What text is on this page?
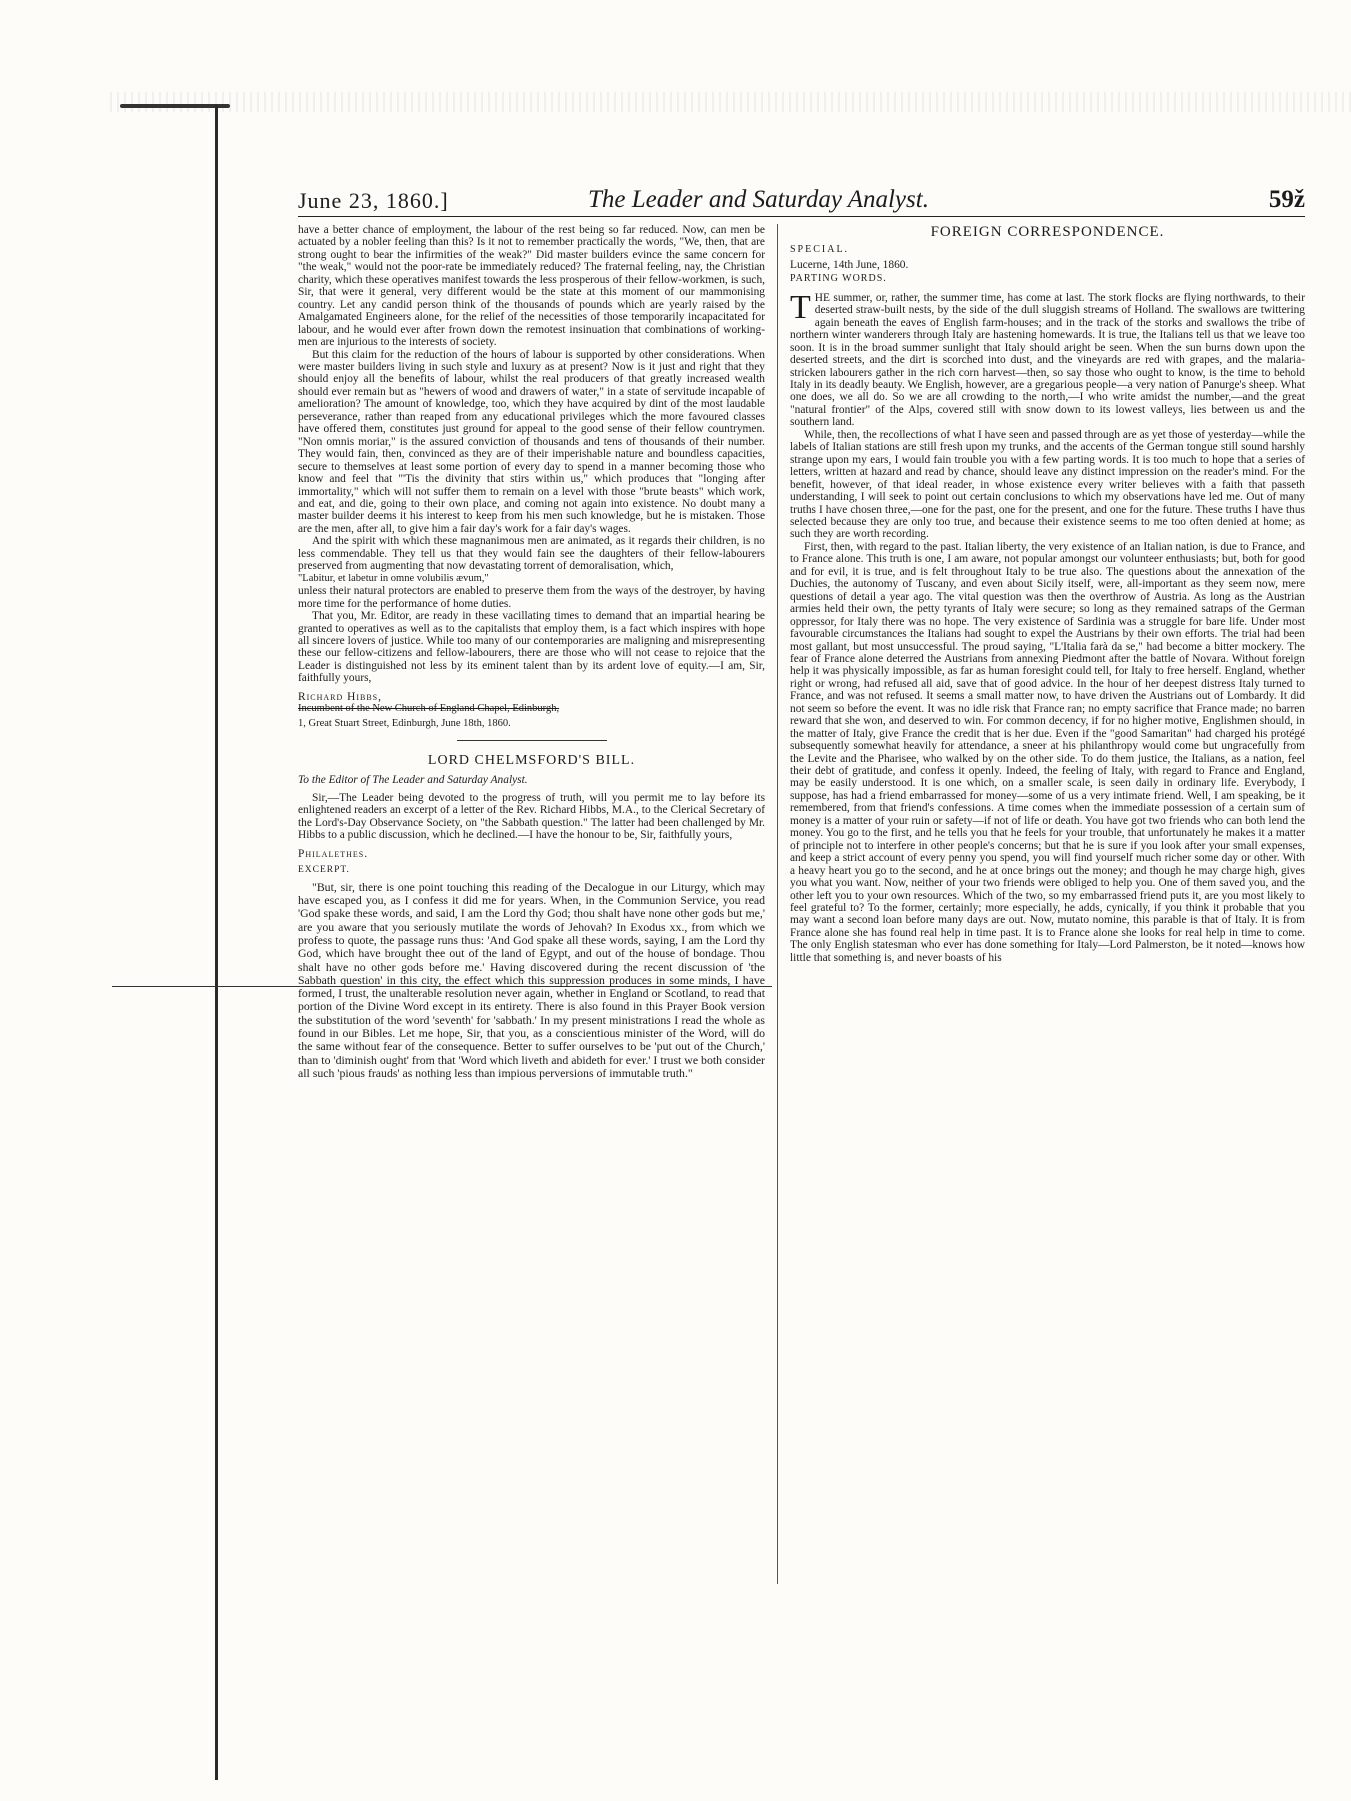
June 23, 1860.]	The Leader and Saturday Analyst.	59ž

have a better chance of employment, the labour of the rest being so far reduced. Now, can men be actuated by a nobler feeling than this? Is it not to remember practically the words, "We, then, that are strong ought to bear the infirmities of the weak?" Did master builders evince the same concern for "the weak," would not the poor-rate be immediately reduced? The fraternal feeling, nay, the Christian charity, which these operatives manifest towards the less prosperous of their fellow-workmen, is such, Sir, that were it general, very different would be the state at this moment of our mammonising country. Let any candid person think of the thousands of pounds which are yearly raised by the Amalgamated Engineers alone, for the relief of the necessities of those temporarily incapacitated for labour, and he would ever after frown down the remotest insinuation that combinations of working-men are injurious to the interests of society.

But this claim for the reduction of the hours of labour is supported by other considerations. When were master builders living in such style and luxury as at present? Now is it just and right that they should enjoy all the benefits of labour, whilst the real producers of that greatly increased wealth should ever remain but as "hewers of wood and drawers of water," in a state of servitude incapable of amelioration? The amount of knowledge, too, which they have acquired by dint of the most laudable perseverance, rather than reaped from any educational privileges which the more favoured classes have offered them, constitutes just ground for appeal to the good sense of their fellow countrymen. "Non omnis moriar," is the assured conviction of thousands and tens of thousands of their number. They would fain, then, convinced as they are of their imperishable nature and boundless capacities, secure to themselves at least some portion of every day to spend in a manner becoming those who know and feel that "'Tis the divinity that stirs within us," which produces that "longing after immortality," which will not suffer them to remain on a level with those "brute beasts" which work, and eat, and die, going to their own place, and coming not again into existence. No doubt many a master builder deems it his interest to keep from his men such knowledge, but he is mistaken. Those are the men, after all, to give him a fair day's work for a fair day's wages.

And the spirit with which these magnanimous men are animated, as it regards their children, is no less commendable. They tell us that they would fain see the daughters of their fellow-labourers preserved from augmenting that now devastating torrent of demoralisation, which,

"Labitur, et labetur in omne volubilis ævum,"

unless their natural protectors are enabled to preserve them from the ways of the destroyer, by having more time for the performance of home duties.

That you, Mr. Editor, are ready in these vacillating times to demand that an impartial hearing be granted to operatives as well as to the capitalists that employ them, is a fact which inspires with hope all sincere lovers of justice. While too many of our contemporaries are maligning and misrepresenting these our fellow-citizens and fellow-labourers, there are those who will not cease to rejoice that the Leader is distinguished not less by its eminent talent than by its ardent love of equity.—I am, Sir, faithfully yours,

Richard Hibbs,

Incumbent of the New Church of England Chapel, Edinburgh,

1, Great Stuart Street, Edinburgh, June 18th, 1860.

LORD CHELMSFORD'S BILL.

To the Editor of The Leader and Saturday Analyst.

Sir,—The Leader being devoted to the progress of truth, will you permit me to lay before its enlightened readers an excerpt of a letter of the Rev. Richard Hibbs, M.A., to the Clerical Secretary of the Lord's-Day Observance Society, on "the Sabbath question." The latter had been challenged by Mr. Hibbs to a public discussion, which he declined.—I have the honour to be, Sir, faithfully yours,

Philalethes.

EXCERPT.

"But, sir, there is one point touching this reading of the Decalogue in our Liturgy, which may have escaped you, as I confess it did me for years. When, in the Communion Service, you read 'God spake these words, and said, I am the Lord thy God; thou shalt have none other gods but me,' are you aware that you seriously mutilate the words of Jehovah? In Exodus xx., from which we profess to quote, the passage runs thus: 'And God spake all these words, saying, I am the Lord thy God, which have brought thee out of the land of Egypt, and out of the house of bondage. Thou shalt have no other gods before me.' Having discovered during the recent discussion of 'the Sabbath question' in this city, the effect which this suppression produces in some minds, I have formed, I trust, the unalterable resolution never again, whether in England or Scotland, to read that portion of the Divine Word except in its entirety. There is also found in this Prayer Book version the substitution of the word 'seventh' for 'sabbath.' In my present ministrations I read the whole as found in our Bibles. Let me hope, Sir, that you, as a conscientious minister of the Word, will do the same without fear of the consequence. Better to suffer ourselves to be 'put out of the Church,' than to 'diminish ought' from that 'Word which liveth and abideth for ever.' I trust we both consider all such 'pious frauds' as nothing less than impious perversions of immutable truth."

FOREIGN CORRESPONDENCE.

SPECIAL.

Lucerne, 14th June, 1860.

PARTING WORDS.

T HE summer, or, rather, the summer time, has come at last. The stork flocks are flying northwards, to their deserted straw-built nests, by the side of the dull sluggish streams of Holland. The swallows are twittering again beneath the eaves of English farm-houses; and in the track of the storks and swallows the tribe of northern winter wanderers through Italy are hastening homewards. It is true, the Italians tell us that we leave too soon. It is in the broad summer sunlight that Italy should aright be seen. When the sun burns down upon the deserted streets, and the dirt is scorched into dust, and the vineyards are red with grapes, and the malaria-stricken labourers gather in the rich corn harvest—then, so say those who ought to know, is the time to behold Italy in its deadly beauty. We English, however, are a gregarious people—a very nation of Panurge's sheep. What one does, we all do. So we are all crowding to the north,—I who write amidst the number,—and the great "natural frontier" of the Alps, covered still with snow down to its lowest valleys, lies between us and the southern land.

While, then, the recollections of what I have seen and passed through are as yet those of yesterday—while the labels of Italian stations are still fresh upon my trunks, and the accents of the German tongue still sound harshly strange upon my ears, I would fain trouble you with a few parting words. It is too much to hope that a series of letters, written at hazard and read by chance, should leave any distinct impression on the reader's mind. For the benefit, however, of that ideal reader, in whose existence every writer believes with a faith that passeth understanding, I will seek to point out certain conclusions to which my observations have led me. Out of many truths I have chosen three,—one for the past, one for the present, and one for the future. These truths I have thus selected because they are only too true, and because their existence seems to me too often denied at home; as such they are worth recording.

First, then, with regard to the past. Italian liberty, the very existence of an Italian nation, is due to France, and to France alone. This truth is one, I am aware, not popular amongst our volunteer enthusiasts; but, both for good and for evil, it is true, and is felt throughout Italy to be true also. The questions about the annexation of the Duchies, the autonomy of Tuscany, and even about Sicily itself, were, all-important as they seem now, mere questions of detail a year ago. The vital question was then the overthrow of Austria. As long as the Austrian armies held their own, the petty tyrants of Italy were secure; so long as they remained satraps of the German oppressor, for Italy there was no hope. The very existence of Sardinia was a struggle for bare life. Under most favourable circumstances the Italians had sought to expel the Austrians by their own efforts. The trial had been most gallant, but most unsuccessful. The proud saying, "L'Italia farà da se," had become a bitter mockery. The fear of France alone deterred the Austrians from annexing Piedmont after the battle of Novara. Without foreign help it was physically impossible, as far as human foresight could tell, for Italy to free herself. England, whether right or wrong, had refused all aid, save that of good advice. In the hour of her deepest distress Italy turned to France, and was not refused. It seems a small matter now, to have driven the Austrians out of Lombardy. It did not seem so before the event. It was no idle risk that France ran; no empty sacrifice that France made; no barren reward that she won, and deserved to win. For common decency, if for no higher motive, Englishmen should, in the matter of Italy, give France the credit that is her due. Even if the "good Samaritan" had charged his protégé subsequently somewhat heavily for attendance, a sneer at his philanthropy would come but ungracefully from the Levite and the Pharisee, who walked by on the other side. To do them justice, the Italians, as a nation, feel their debt of gratitude, and confess it openly. Indeed, the feeling of Italy, with regard to France and England, may be easily understood. It is one which, on a smaller scale, is seen daily in ordinary life. Everybody, I suppose, has had a friend embarrassed for money—some of us a very intimate friend. Well, I am speaking, be it remembered, from that friend's confessions. A time comes when the immediate possession of a certain sum of money is a matter of your ruin or safety—if not of life or death. You have got two friends who can both lend the money. You go to the first, and he tells you that he feels for your trouble, that unfortunately he makes it a matter of principle not to interfere in other people's concerns; but that he is sure if you look after your small expenses, and keep a strict account of every penny you spend, you will find yourself much richer some day or other. With a heavy heart you go to the second, and he at once brings out the money; and though he may charge high, gives you what you want. Now, neither of your two friends were obliged to help you. One of them saved you, and the other left you to your own resources. Which of the two, so my embarrassed friend puts it, are you most likely to feel grateful to? To the former, certainly; more especially, he adds, cynically, if you think it probable that you may want a second loan before many days are out. Now, mutato nomine, this parable is that of Italy. It is from France alone she has found real help in time past. It is to France alone she looks for real help in time to come. The only English statesman who ever has done something for Italy—Lord Palmerston, be it noted—knows how little that something is, and never boasts of his
